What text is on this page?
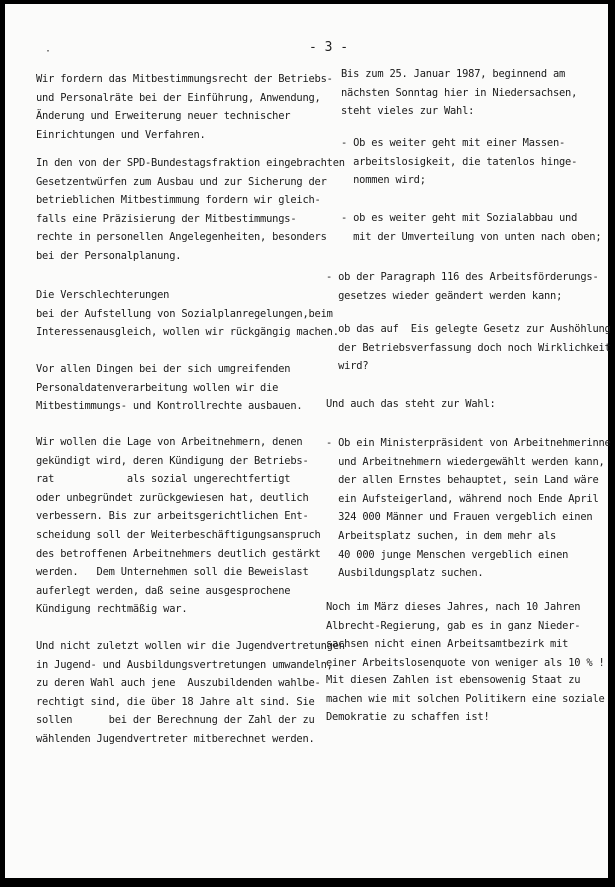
- 3 -
·
Wir fordern das Mitbestimmungsrecht der Betriebs-
und Personalräte bei der Einführung, Anwendung,
Änderung und Erweiterung neuer technischer
Einrichtungen und Verfahren.
In den von der SPD-Bundestagsfraktion eingebrachten
Gesetzentwürfen zum Ausbau und zur Sicherung der
betrieblichen Mitbestimmung fordern wir gleich-
falls eine Präzisierung der Mitbestimmungs-
rechte in personellen Angelegenheiten, besonders
bei der Personalplanung.
Die Verschlechterungen
bei der Aufstellung von Sozialplanregelungen,beim
Interessenausgleich, wollen wir rückgängig machen.
Vor allen Dingen bei der sich umgreifenden
Personaldatenverarbeitung wollen wir die
Mitbestimmungs- und Kontrollrechte ausbauen.
Wir wollen die Lage von Arbeitnehmern, denen
gekündigt wird, deren Kündigung der Betriebs-
rat            als sozial ungerechtfertigt
oder unbegründet zurückgewiesen hat, deutlich
verbessern. Bis zur arbeitsgerichtlichen Ent-
scheidung soll der Weiterbeschäftigungsanspruch
des betroffenen Arbeitnehmers deutlich gestärkt
werden.   Dem Unternehmen soll die Beweislast
auferlegt werden, daß seine ausgesprochene
Kündigung rechtmäßig war.
Und nicht zuletzt wollen wir die Jugendvertretungen
in Jugend- und Ausbildungsvertretungen umwandeln,
zu deren Wahl auch jene  Auszubildenden wahlbe-
rechtigt sind, die über 18 Jahre alt sind. Sie
sollen      bei der Berechnung der Zahl der zu
wählenden Jugendvertreter mitberechnet werden.
Bis zum 25. Januar 1987, beginnend am
nächsten Sonntag hier in Niedersachsen,
steht vieles zur Wahl:
- Ob es weiter geht mit einer Massen-
arbeitslosigkeit, die tatenlos hinge-
nommen wird;
- ob es weiter geht mit Sozialabbau und
mit der Umverteilung von unten nach oben;
- ob der Paragraph 116 des Arbeitsförderungs-
gesetzes wieder geändert werden kann;
- ob das auf  Eis gelegte Gesetz zur Aushöhlung
der Betriebsverfassung doch noch Wirklichkeit
wird?
Und auch das steht zur Wahl:
- Ob ein Ministerpräsident von Arbeitnehmerinne
und Arbeitnehmern wiedergewählt werden kann,
der allen Ernstes behauptet, sein Land wäre
ein Aufsteigerland, während noch Ende April
324 000 Männer und Frauen vergeblich einen
Arbeitsplatz suchen, in dem mehr als
40 000 junge Menschen vergeblich einen
Ausbildungsplatz suchen.
Noch im März dieses Jahres, nach 10 Jahren
Albrecht-Regierung, gab es in ganz Nieder-
sachsen nicht einen Arbeitsamtbezirk mit
einer Arbeitslosenquote von weniger als 10 % !
Mit diesen Zahlen ist ebensowenig Staat zu
machen wie mit solchen Politikern eine soziale
Demokratie zu schaffen ist!
